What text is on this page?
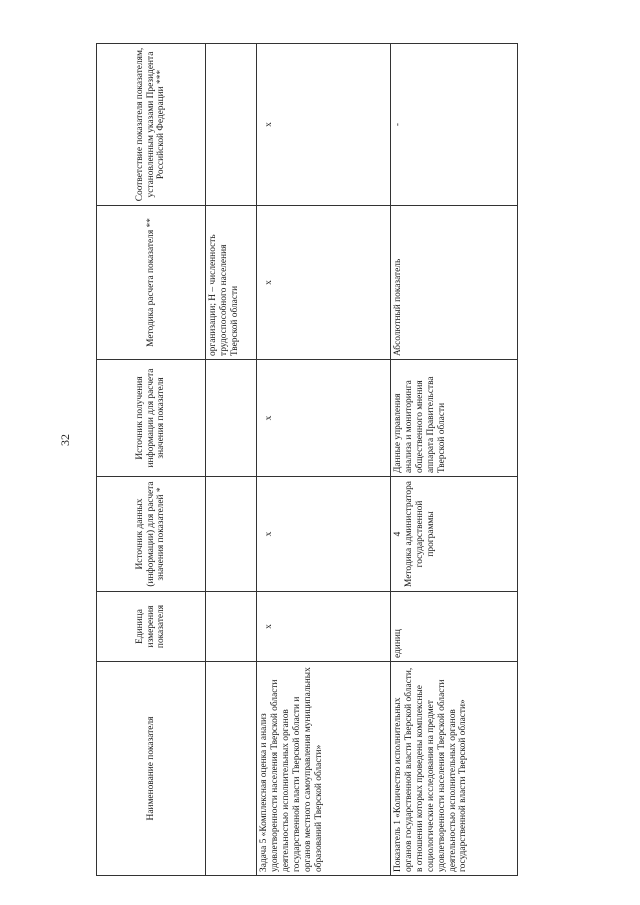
32
Наименование показателя	Единица измерения показателя	Источник данных (информации) для расчета значения показателей *	Источник получения информации для расчета значения показателя	Методика расчета показателя **	Соответствие показателя показателям, установленным указами Президента Российской Федерации ***
				организации; Н – численность трудоспособного населения Тверской области	
Задача 5 «Комплексная оценка и анализ удовлетворенности населения Тверской области деятельностью исполнительных органов государственной власти Тверской области и органов местного самоуправления муниципальных образований Тверской области»	х	х	х	х	х
Показатель 1 «Количество исполнительных органов государственной власти Тверской области, в отношении которых проведены комплексные социологические исследования на предмет удовлетворенности населения Тверской области деятельностью исполнительных органов государственной власти Тверской области»	единиц	4 Методика администратора государственной программы	Данные управления анализа и мониторинга общественного мнения аппарата Правительства Тверской области	Абсолютный показатель	-
